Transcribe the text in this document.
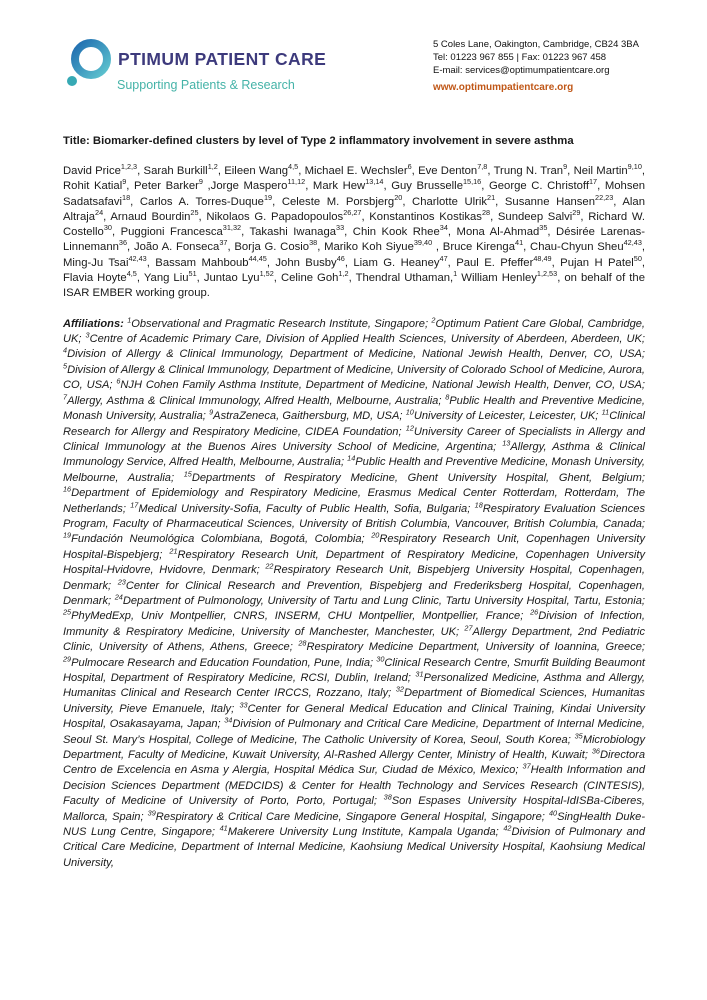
PTIMUM PATIENT CARE
Supporting Patients & Research
5 Coles Lane, Oakington, Cambridge, CB24 3BA
Tel: 01223 967 855 | Fax: 01223 967 458
E-mail: services@optimumpatientcare.org
www.optimumpatientcare.org

Title: Biomarker-defined clusters by level of Type 2 inflammatory involvement in severe asthma

David Price$^{1,2,3}$, Sarah Burkill$^{1,2}$, Eileen Wang$^{4,5}$, Michael E. Wechsler$^6$, Eve Denton$^{7,8}$, Trung N. Tran$^9$, Neil Martin$^{9,10}$, Rohit Katial$^9$, Peter Barker$^9$ ,Jorge Maspero$^{11,12}$, Mark Hew$^{13,14}$, Guy Brusselle$^{15,16}$, George C. Christoff$^{17}$, Mohsen Sadatsafavi$^{18}$, Carlos A. Torres-Duque$^{19}$, Celeste M. Porsbjerg$^{20}$, Charlotte Ulrik$^{21}$, Susanne Hansen$^{22,23}$, Alan Altraja$^{24}$, Arnaud Bourdin$^{25}$, Nikolaos G. Papadopoulos$^{26,27}$, Konstantinos Kostikas$^{28}$, Sundeep Salvi$^{29}$, Richard W. Costello$^{30}$, Puggioni Francesca$^{31,32}$, Takashi Iwanaga$^{33}$, Chin Kook Rhee$^{34}$, Mona Al-Ahmad$^{35}$, Désirée Larenas-Linnemann$^{36}$, João A. Fonseca$^{37}$, Borja G. Cosio$^{38}$, Mariko Koh Siyue$^{39,40}$ , Bruce Kirenga$^{41}$, Chau-Chyun Sheu$^{42,43}$, Ming-Ju Tsai$^{42,43}$, Bassam Mahboub$^{44,45}$, John Busby$^{46}$, Liam G. Heaney$^{47}$, Paul E. Pfeffer$^{48,49}$, Pujan H Patel$^{50}$, Flavia Hoyte$^{4,5}$, Yang Liu$^{51}$, Juntao Lyu$^{1,52}$, Celine Goh$^{1,2}$, Thendral Uthaman,$^1$ William Henley$^{1,2,53}$, on behalf of the ISAR EMBER working group.

Affiliations: $^1$Observational and Pragmatic Research Institute, Singapore; $^2$Optimum Patient Care Global, Cambridge, UK; $^3$Centre of Academic Primary Care, Division of Applied Health Sciences, University of Aberdeen, Aberdeen, UK; $^4$Division of Allergy & Clinical Immunology, Department of Medicine, National Jewish Health, Denver, CO, USA; $^5$Division of Allergy & Clinical Immunology, Department of Medicine, University of Colorado School of Medicine, Aurora, CO, USA; $^6$NJH Cohen Family Asthma Institute, Department of Medicine, National Jewish Health, Denver, CO, USA; $^7$Allergy, Asthma & Clinical Immunology, Alfred Health, Melbourne, Australia; $^8$Public Health and Preventive Medicine, Monash University, Australia; $^9$AstraZeneca, Gaithersburg, MD, USA; $^{10}$University of Leicester, Leicester, UK; $^{11}$Clinical Research for Allergy and Respiratory Medicine, CIDEA Foundation; $^{12}$University Career of Specialists in Allergy and Clinical Immunology at the Buenos Aires University School of Medicine, Argentina; $^{13}$Allergy, Asthma & Clinical Immunology Service, Alfred Health, Melbourne, Australia; $^{14}$Public Health and Preventive Medicine, Monash University, Melbourne, Australia; $^{15}$Departments of Respiratory Medicine, Ghent University Hospital, Ghent, Belgium; $^{16}$Department of Epidemiology and Respiratory Medicine, Erasmus Medical Center Rotterdam, Rotterdam, The Netherlands; $^{17}$Medical University-Sofia, Faculty of Public Health, Sofia, Bulgaria; $^{18}$Respiratory Evaluation Sciences Program, Faculty of Pharmaceutical Sciences, University of British Columbia, Vancouver, British Columbia, Canada; $^{19}$Fundación Neumológica Colombiana, Bogotá, Colombia; $^{20}$Respiratory Research Unit, Copenhagen University Hospital-Bispebjerg; $^{21}$Respiratory Research Unit, Department of Respiratory Medicine, Copenhagen University Hospital-Hvidovre, Hvidovre, Denmark; $^{22}$Respiratory Research Unit, Bispebjerg University Hospital, Copenhagen, Denmark; $^{23}$Center for Clinical Research and Prevention, Bispebjerg and Frederiksberg Hospital, Copenhagen, Denmark; $^{24}$Department of Pulmonology, University of Tartu and Lung Clinic, Tartu University Hospital, Tartu, Estonia; $^{25}$PhyMedExp, Univ Montpellier, CNRS, INSERM, CHU Montpellier, Montpellier, France; $^{26}$Division of Infection, Immunity & Respiratory Medicine, University of Manchester, Manchester, UK; $^{27}$Allergy Department, 2nd Pediatric Clinic, University of Athens, Athens, Greece; $^{28}$Respiratory Medicine Department, University of Ioannina, Greece; $^{29}$Pulmocare Research and Education Foundation, Pune, India; $^{30}$Clinical Research Centre, Smurfit Building Beaumont Hospital, Department of Respiratory Medicine, RCSI, Dublin, Ireland; $^{31}$Personalized Medicine, Asthma and Allergy, Humanitas Clinical and Research Center IRCCS, Rozzano, Italy; $^{32}$Department of Biomedical Sciences, Humanitas University, Pieve Emanuele, Italy; $^{33}$Center for General Medical Education and Clinical Training, Kindai University Hospital, Osakasayama, Japan; $^{34}$Division of Pulmonary and Critical Care Medicine, Department of Internal Medicine, Seoul St. Mary’s Hospital, College of Medicine, The Catholic University of Korea, Seoul, South Korea; $^{35}$Microbiology Department, Faculty of Medicine, Kuwait University, Al-Rashed Allergy Center, Ministry of Health, Kuwait; $^{36}$Directora Centro de Excelencia en Asma y Alergia, Hospital Médica Sur, Ciudad de México, Mexico; $^{37}$Health Information and Decision Sciences Department (MEDCIDS) & Center for Health Technology and Services Research (CINTESIS), Faculty of Medicine of University of Porto, Porto, Portugal; $^{38}$Son Espases University Hospital-IdISBa-Ciberes, Mallorca, Spain; $^{39}$Respiratory & Critical Care Medicine, Singapore General Hospital, Singapore; $^{40}$SingHealth Duke-NUS Lung Centre, Singapore; $^{41}$Makerere University Lung Institute, Kampala Uganda; $^{42}$Division of Pulmonary and Critical Care Medicine, Department of Internal Medicine, Kaohsiung Medical University Hospital, Kaohsiung Medical University,
